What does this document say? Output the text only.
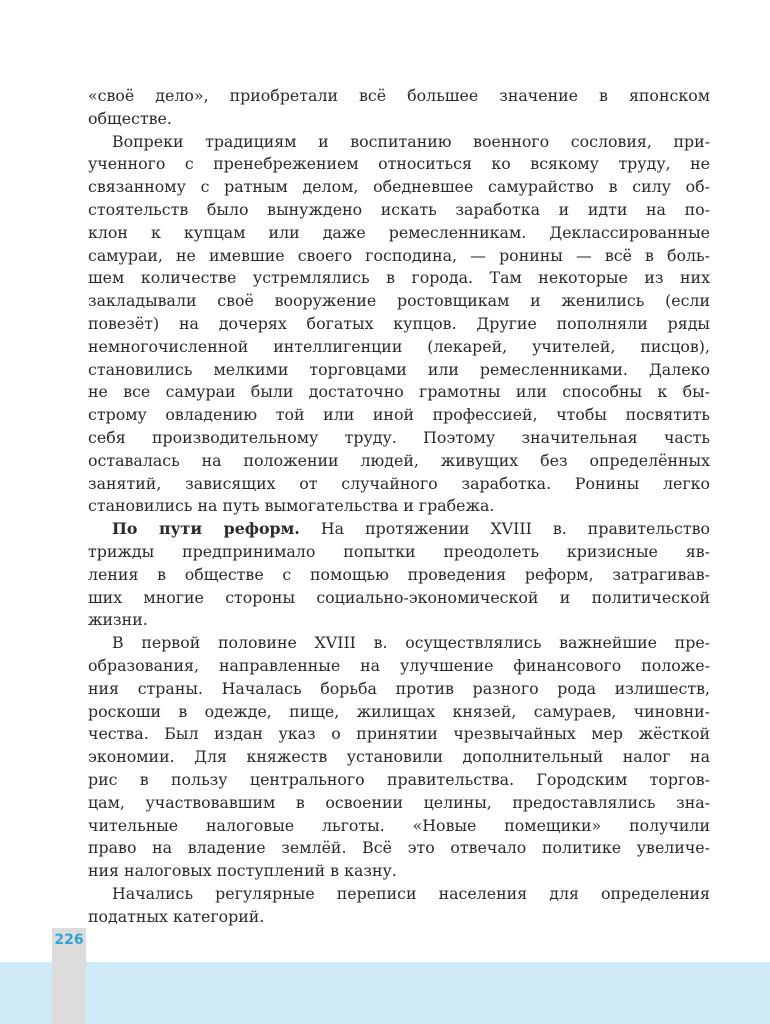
«своё дело», приобретали всё большее значение в японском
обществе.
Вопреки традициям и воспитанию военного сословия, при-
ученного с пренебрежением относиться ко всякому труду, не
связанному с ратным делом, обедневшее самурайство в силу об-
стоятельств было вынуждено искать заработка и идти на по-
клон к купцам или даже ремесленникам. Деклассированные
самураи, не имевшие своего господина, — ронины — всё в боль-
шем количестве устремлялись в города. Там некоторые из них
закладывали своё вооружение ростовщикам и женились (если
повезёт) на дочерях богатых купцов. Другие пополняли ряды
немногочисленной интеллигенции (лекарей, учителей, писцов),
становились мелкими торговцами или ремесленниками. Далеко
не все самураи были достаточно грамотны или способны к бы-
строму овладению той или иной профессией, чтобы посвятить
себя производительному труду. Поэтому значительная часть
оставалась на положении людей, живущих без определённых
занятий, зависящих от случайного заработка. Ронины легко
становились на путь вымогательства и грабежа.
По пути реформ. На протяжении XVIII в. правительство
трижды предпринимало попытки преодолеть кризисные яв-
ления в обществе с помощью проведения реформ, затрагивав-
ших многие стороны социально-экономической и политической
жизни.
В первой половине XVIII в. осуществлялись важнейшие пре-
образования, направленные на улучшение финансового положе-
ния страны. Началась борьба против разного рода излишеств,
роскоши в одежде, пище, жилищах князей, самураев, чиновни-
чества. Был издан указ о принятии чрезвычайных мер жёсткой
экономии. Для княжеств установили дополнительный налог на
рис в пользу центрального правительства. Городским торгов-
цам, участвовавшим в освоении целины, предоставлялись зна-
чительные налоговые льготы. «Новые помещики» получили
право на владение землёй. Всё это отвечало политике увеличе-
ния налоговых поступлений в казну.
Начались регулярные переписи населения для определения
податных категорий.
226
